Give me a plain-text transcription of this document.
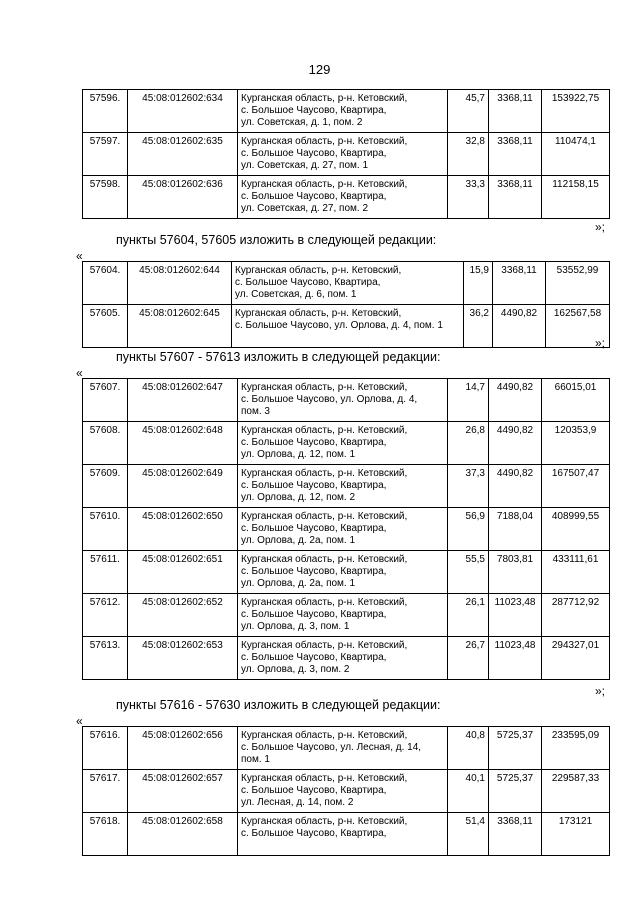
129
57596.	45:08:012602:634	Курганская область, р-н. Кетовский,
с. Большое Чаусово, Квартира,
ул. Советская, д. 1, пом. 2	45,7	3368,11	153922,75
57597.	45:08:012602:635	Курганская область, р-н. Кетовский,
с. Большое Чаусово, Квартира,
ул. Советская, д. 27, пом. 1	32,8	3368,11	110474,1
57598.	45:08:012602:636	Курганская область, р-н. Кетовский,
с. Большое Чаусово, Квартира,
ул. Советская, д. 27, пом. 2	33,3	3368,11	112158,15
»;
пункты 57604, 57605 изложить в следующей редакции:
«
57604.	45:08:012602:644	Курганская область, р-н. Кетовский,
с. Большое Чаусово, Квартира,
ул. Советская, д. 6, пом. 1	15,9	3368,11	53552,99
57605.	45:08:012602:645	Курганская область, р-н. Кетовский,
с. Большое Чаусово, ул. Орлова, д. 4, пом. 1	36,2	4490,82	162567,58
»;
пункты 57607 - 57613 изложить в следующей редакции:
«
57607.	45:08:012602:647	Курганская область, р-н. Кетовский,
с. Большое Чаусово, ул. Орлова, д. 4,
пом. 3	14,7	4490,82	66015,01
57608.	45:08:012602:648	Курганская область, р-н. Кетовский,
с. Большое Чаусово, Квартира,
ул. Орлова, д. 12, пом. 1	26,8	4490,82	120353,9
57609.	45:08:012602:649	Курганская область, р-н. Кетовский,
с. Большое Чаусово, Квартира,
ул. Орлова, д. 12, пом. 2	37,3	4490,82	167507,47
57610.	45:08:012602:650	Курганская область, р-н. Кетовский,
с. Большое Чаусово, Квартира,
ул. Орлова, д. 2а, пом. 1	56,9	7188,04	408999,55
57611.	45:08:012602:651	Курганская область, р-н. Кетовский,
с. Большое Чаусово, Квартира,
ул. Орлова, д. 2а, пом. 1	55,5	7803,81	433111,61
57612.	45:08:012602:652	Курганская область, р-н. Кетовский,
с. Большое Чаусово, Квартира,
ул. Орлова, д. 3, пом. 1	26,1	11023,48	287712,92
57613.	45:08:012602:653	Курганская область, р-н. Кетовский,
с. Большое Чаусово, Квартира,
ул. Орлова, д. 3, пом. 2	26,7	11023,48	294327,01
»;
пункты 57616 - 57630 изложить в следующей редакции:
«
57616.	45:08:012602:656	Курганская область, р-н. Кетовский,
с. Большое Чаусово, ул. Лесная, д. 14,
пом. 1	40,8	5725,37	233595,09
57617.	45:08:012602:657	Курганская область, р-н. Кетовский,
с. Большое Чаусово, Квартира,
ул. Лесная, д. 14, пом. 2	40,1	5725,37	229587,33
57618.	45:08:012602:658	Курганская область, р-н. Кетовский,
с. Большое Чаусово, Квартира,	51,4	3368,11	173121
